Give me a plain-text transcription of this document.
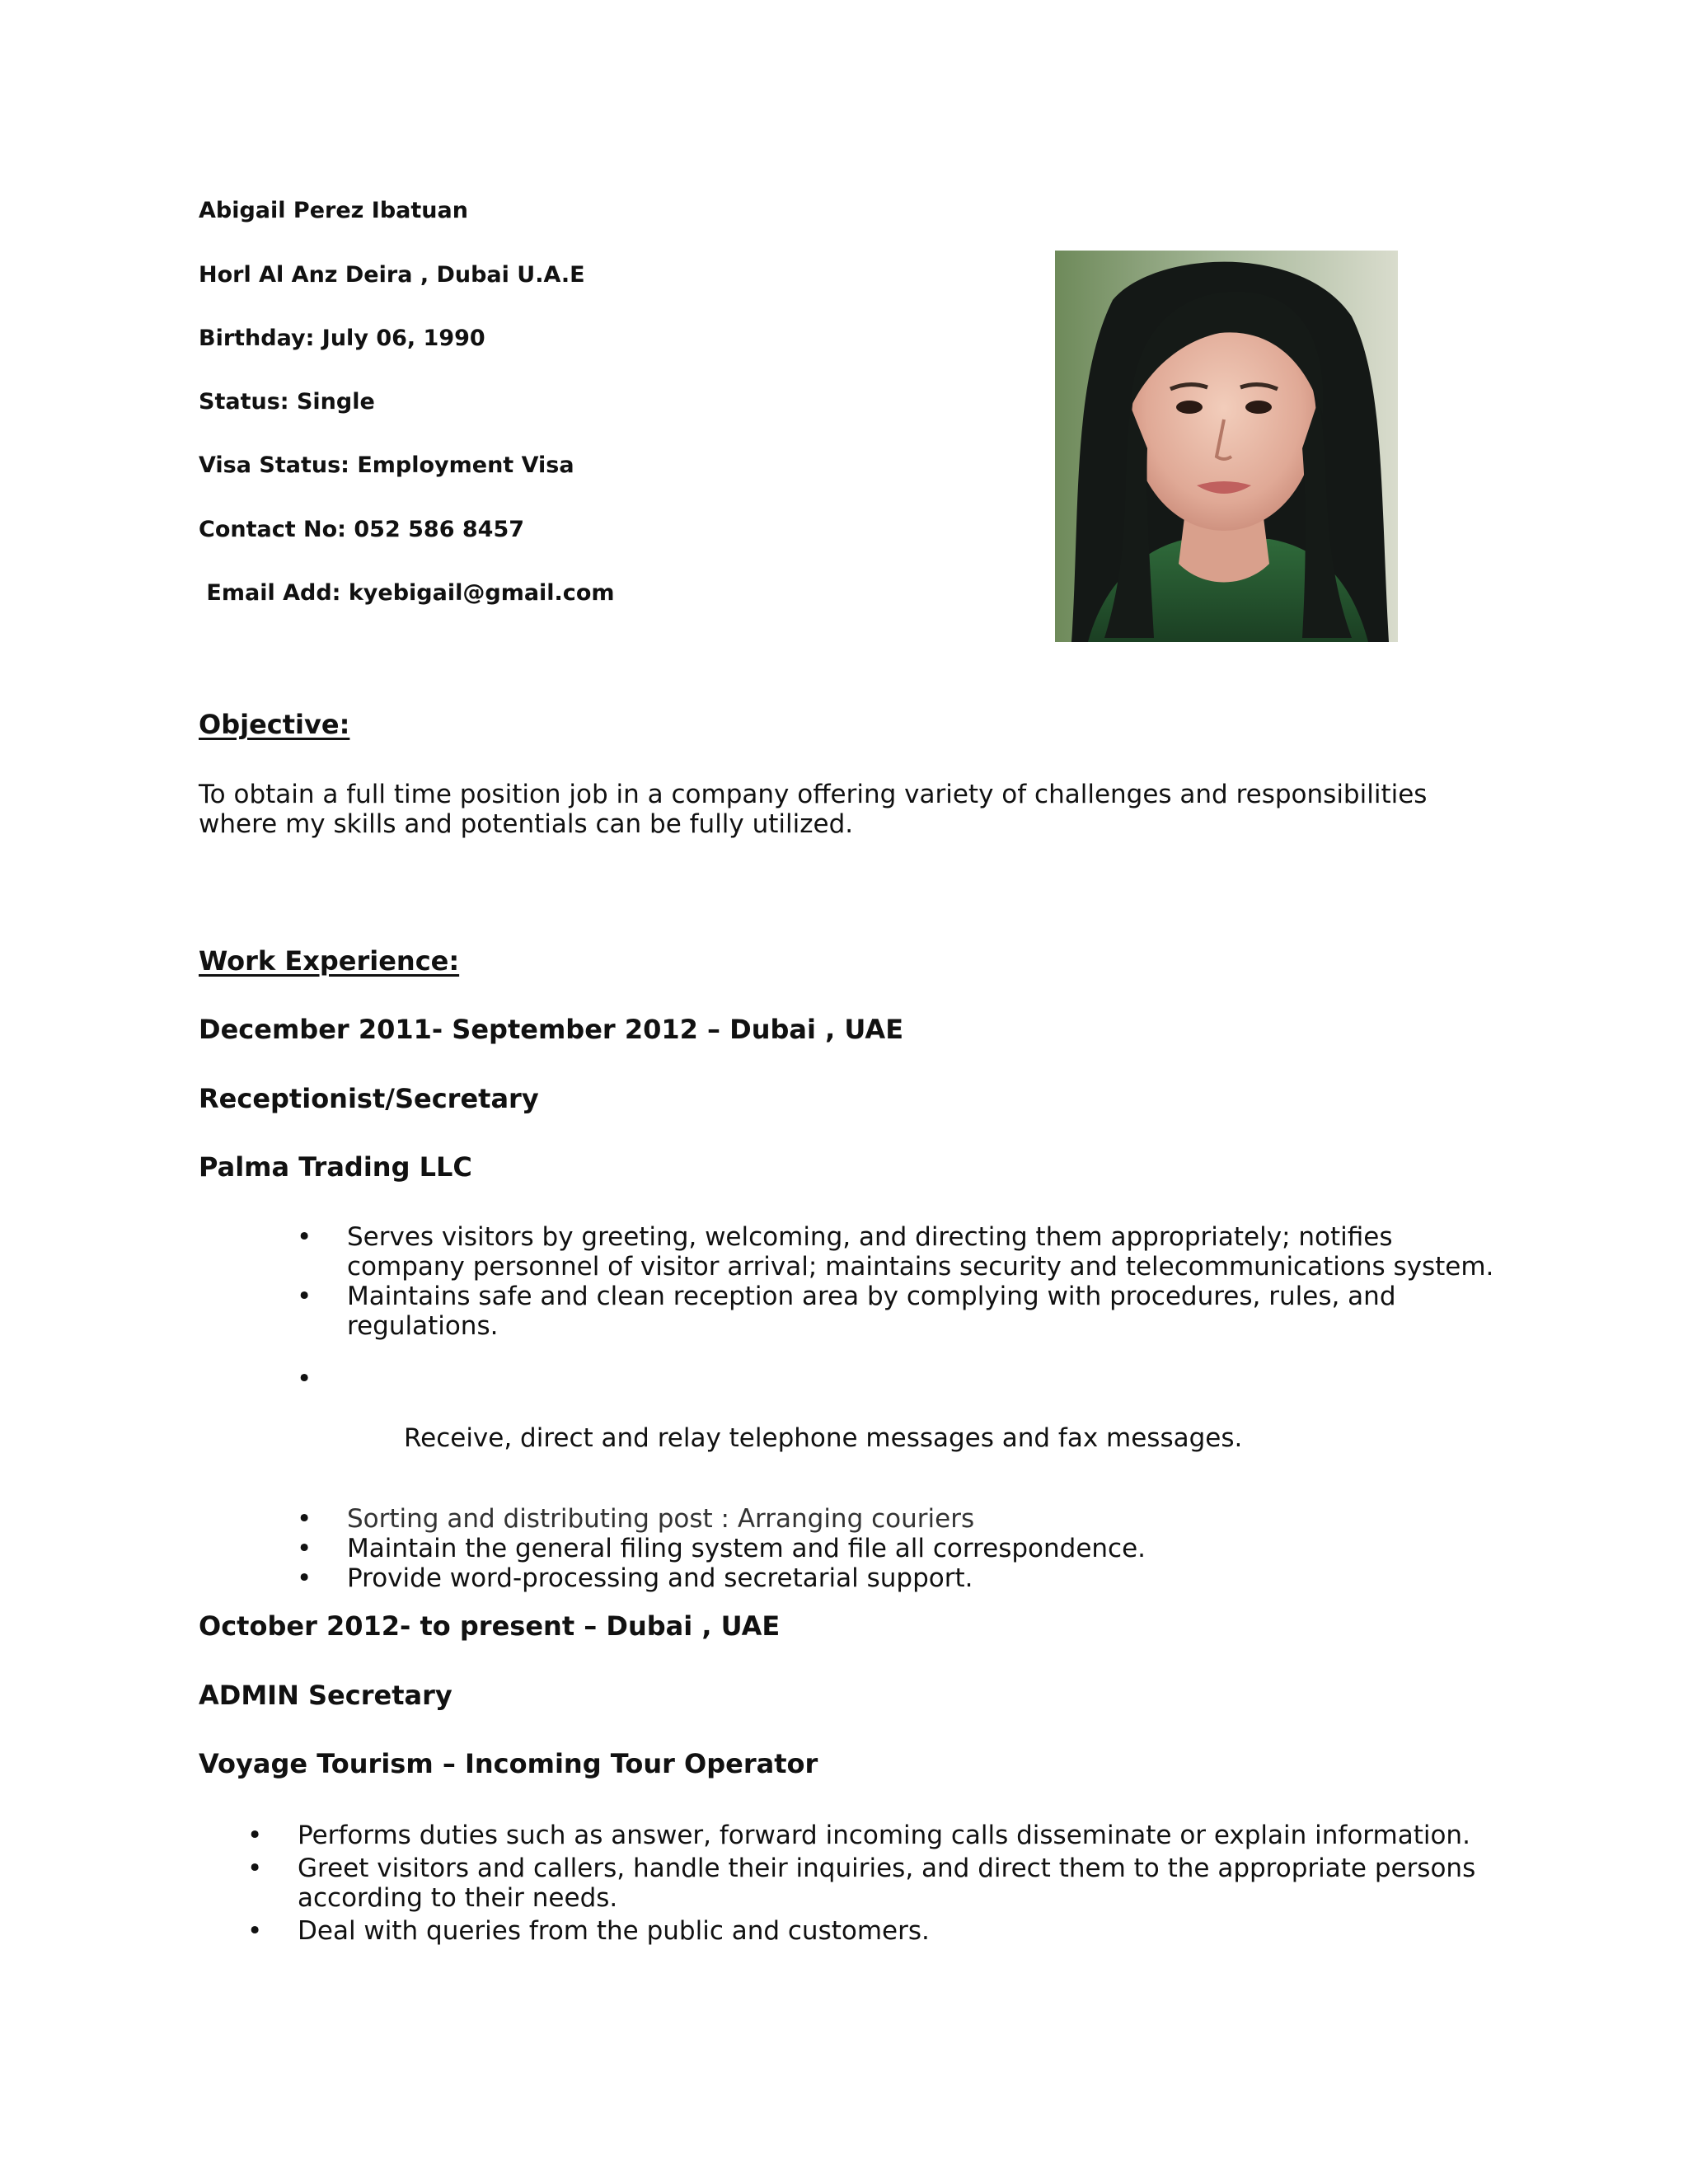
Abigail Perez Ibatuan
Horl Al Anz Deira , Dubai U.A.E
Birthday: July 06, 1990
Status: Single
Visa Status: Employment Visa
Contact No: 052 586 8457
Email Add: kyebigail@gmail.com
Objective:
To obtain a full time position job in a company offering variety of challenges and responsibilities where my skills and potentials can be fully utilized.
Work Experience:
December 2011- September 2012 – Dubai , UAE
Receptionist/Secretary
Palma Trading LLC
• Serves visitors by greeting, welcoming, and directing them appropriately; notifies company personnel of visitor arrival; maintains security and telecommunications system.
• Maintains safe and clean reception area by complying with procedures, rules, and regulations.

•

Receive, direct and relay telephone messages and fax messages.

• Sorting and distributing post : Arranging couriers
• Maintain the general filing system and file all correspondence.
• Provide word-processing and secretarial support.
October 2012- to present – Dubai , UAE
ADMIN Secretary
Voyage Tourism – Incoming Tour Operator
• Performs duties such as answer, forward incoming calls disseminate or explain information.
• Greet visitors and callers, handle their inquiries, and direct them to the appropriate persons according to their needs.
• Deal with queries from the public and customers.
